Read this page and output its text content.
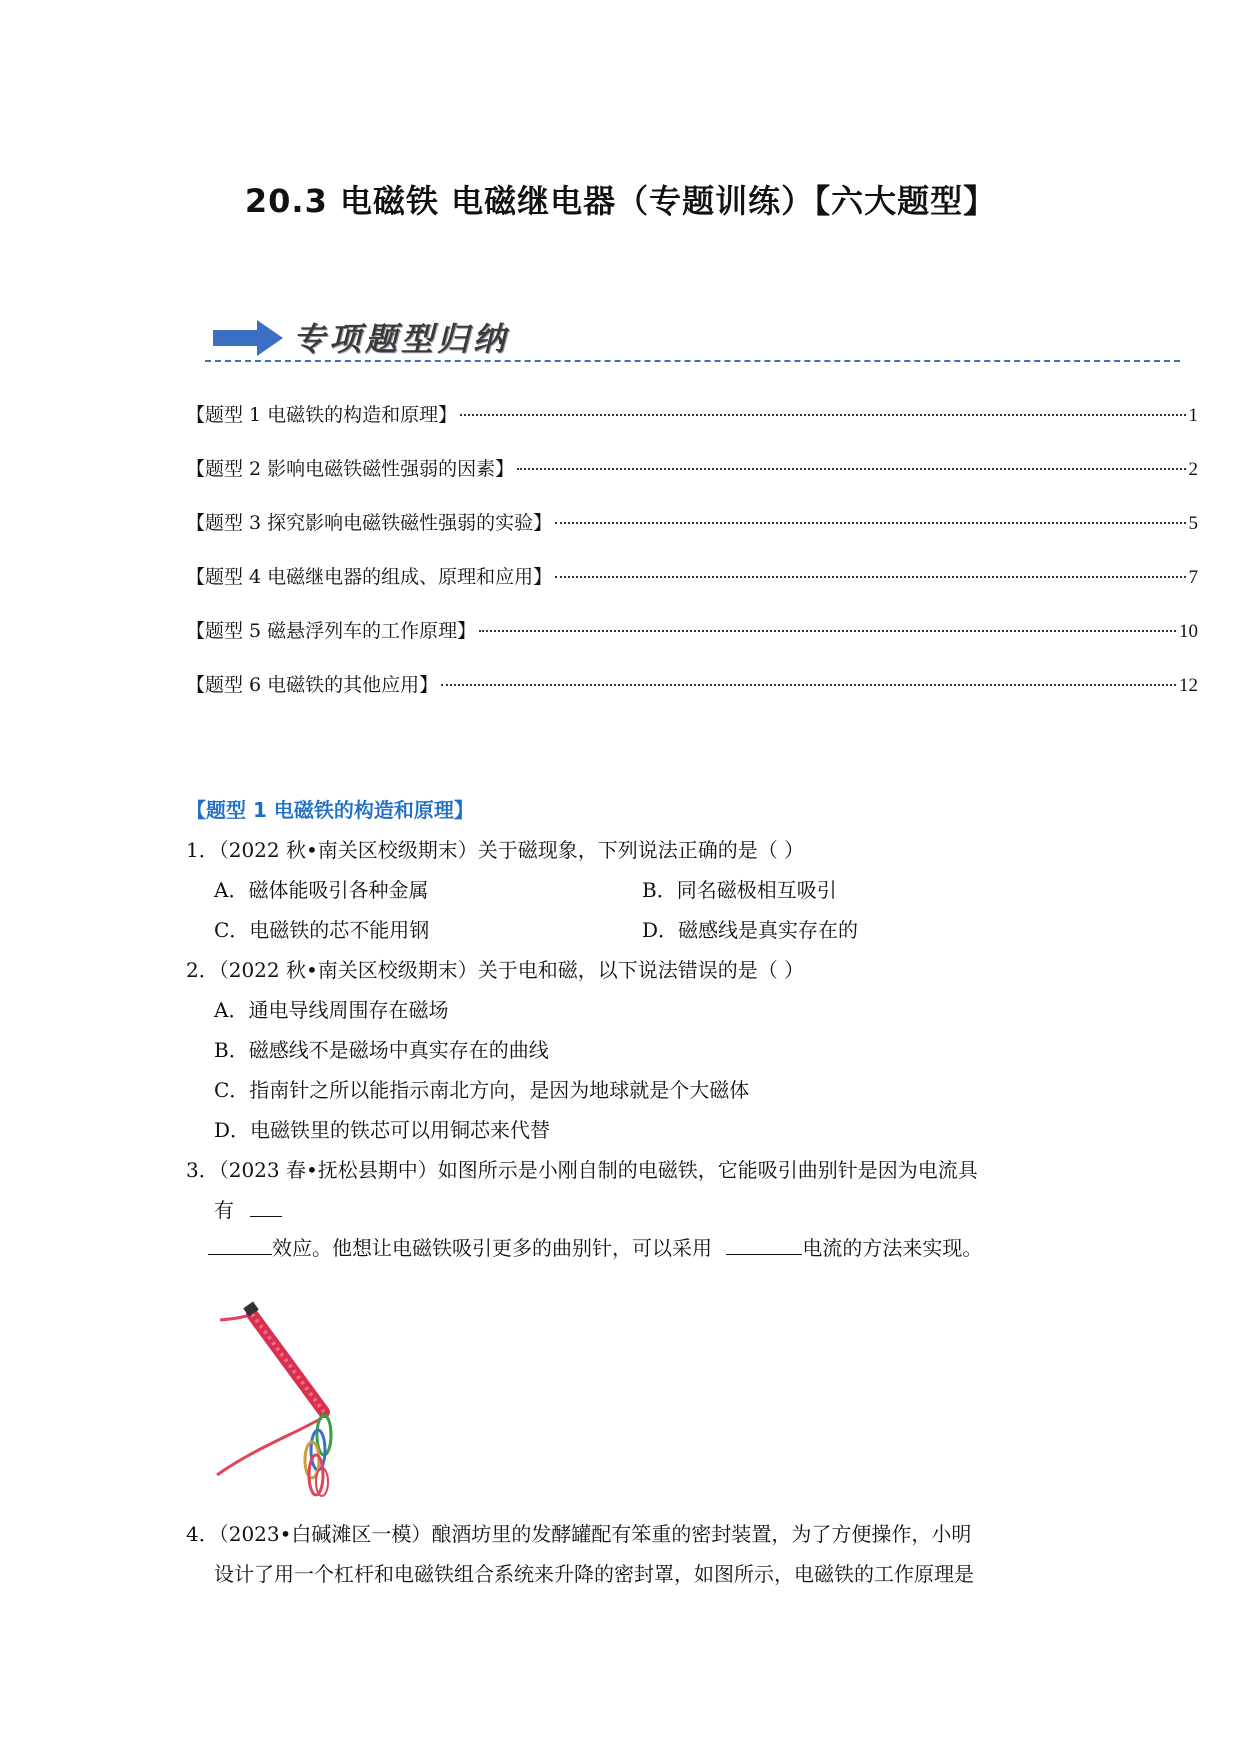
20.3 电磁铁 电磁继电器（专题训练）【六大题型】
专项题型归纳
【题型 1 电磁铁的构造和原理】	1
【题型 2 影响电磁铁磁性强弱的因素】	2
【题型 3 探究影响电磁铁磁性强弱的实验】	5
【题型 4 电磁继电器的组成、原理和应用】	7
【题型 5 磁悬浮列车的工作原理】	10
【题型 6 电磁铁的其他应用】	12
【题型 1 电磁铁的构造和原理】
1．（2022 秋•南关区校级期末）关于磁现象，下列说法正确的是（ ）
A．磁体能吸引各种金属	B．同名磁极相互吸引
C．电磁铁的芯不能用钢	D．磁感线是真实存在的
2．（2022 秋•南关区校级期末）关于电和磁，以下说法错误的是（ ）
A．通电导线周围存在磁场
B．磁感线不是磁场中真实存在的曲线
C．指南针之所以能指示南北方向，是因为地球就是个大磁体
D．电磁铁里的铁芯可以用铜芯来代替
3．（2023 春•抚松县期中）如图所示是小刚自制的电磁铁，它能吸引曲别针是因为电流具
有
效应。他想让电磁铁吸引更多的曲别针，可以采用	电流的方法来实现。
4．（2023•白碱滩区一模）酿酒坊里的发酵罐配有笨重的密封装置，为了方便操作，小明
设计了用一个杠杆和电磁铁组合系统来升降的密封罩，如图所示，电磁铁的工作原理是
